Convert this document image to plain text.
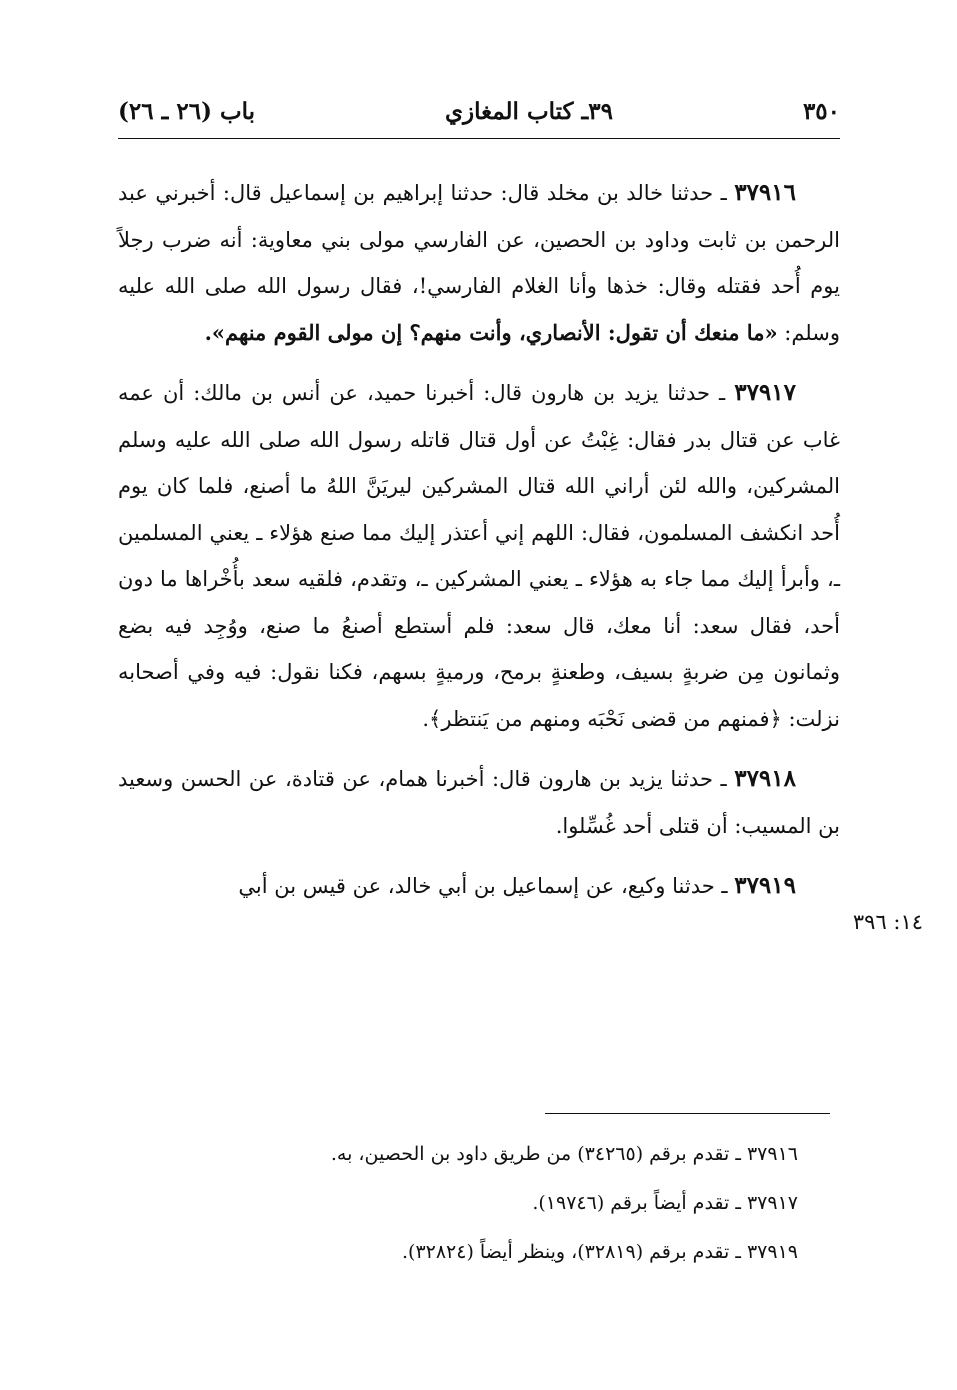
٣٥٠
٣٩ـ كتاب المغازي
باب (٢٦ ـ ٢٦)

٣٧٩١٦ ـ حدثنا خالد بن مخلد قال: حدثنا إبراهيم بن إسماعيل قال: أخبرني عبد الرحمن بن ثابت وداود بن الحصين، عن الفارسي مولى بني معاوية: أنه ضرب رجلاً يوم أُحد فقتله وقال: خذها وأنا الغلام الفارسي!، فقال رسول الله صلى الله عليه وسلم: «ما منعك أن تقول: الأنصاري، وأنت منهم؟ إن مولى القوم منهم».

٣٧٩١٧ ـ حدثنا يزيد بن هارون قال: أخبرنا حميد، عن أنس بن مالك: أن عمه غاب عن قتال بدر فقال: غِبْتُ عن أول قتال قاتله رسول الله صلى الله عليه وسلم المشركين، والله لئن أراني الله قتال المشركين ليريَنَّ اللهُ ما أصنع، فلما كان يوم أُحد انكشف المسلمون، فقال: اللهم إني أعتذر إليك مما صنع هؤلاء ـ يعني المسلمين ـ، وأبرأ إليك مما جاء به هؤلاء ـ يعني المشركين ـ، وتقدم، فلقيه سعد بأُخْراها ما دون أحد، فقال سعد: أنا معك، قال سعد: فلم أستطع أصنعُ ما صنع، ووُجِد فيه بضع وثمانون مِن ضربةٍ بسيف، وطعنةٍ برمح، ورميةٍ بسهم، فكنا نقول: فيه وفي أصحابه نزلت: ﴿فمنهم من قضى نَحْبَه ومنهم من يَنتظر﴾.

٣٧٩١٨ ـ حدثنا يزيد بن هارون قال: أخبرنا همام، عن قتادة، عن الحسن وسعيد بن المسيب: أن قتلى أحد غُسِّلوا.

٣٧٩١٩ ـ حدثنا وكيع، عن إسماعيل بن أبي خالد، عن قيس بن أبي

١٤: ٣٩٦

٣٧٩١٦ ـ تقدم برقم (٣٤٢٦٥) من طريق داود بن الحصين، به.

٣٧٩١٧ ـ تقدم أيضاً برقم (١٩٧٤٦).

٣٧٩١٩ ـ تقدم برقم (٣٢٨١٩)، وينظر أيضاً (٣٢٨٢٤).
